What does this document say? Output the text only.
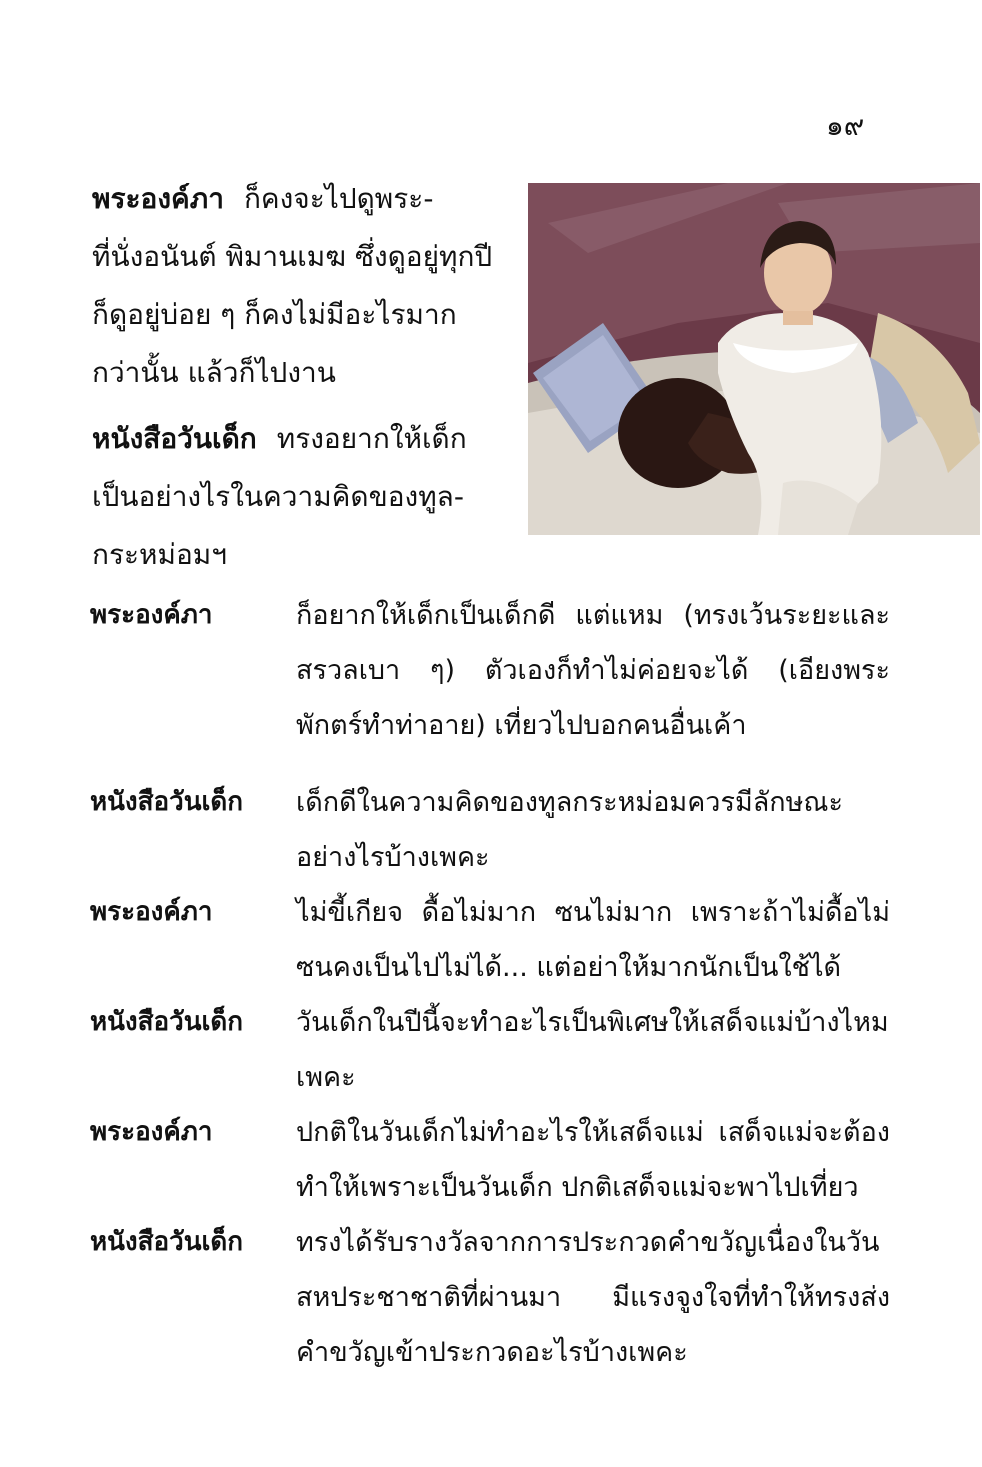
๑๙

พระองค์ภา ก็คงจะไปดูพระ-

ที่นั่งอนันต์ พิมานเมฆ ซึ่งดูอยู่ทุกปี

ก็ดูอยู่บ่อย ๆ ก็คงไม่มีอะไรมาก

กว่านั้น แล้วก็ไปงาน

หนังสือวันเด็ก ทรงอยากให้เด็ก

เป็นอย่างไรในความคิดของทูล-

กระหม่อมฯ

พระองค์ภา	ก็อยากให้เด็กเป็นเด็กดี แต่แหม (ทรงเว้นระยะและสรวลเบา ๆ) ตัวเองก็ทำไม่ค่อยจะได้ (เอียงพระพักตร์ทำท่าอาย) เที่ยวไปบอกคนอื่นเค้า
หนังสือวันเด็ก	เด็กดีในความคิดของทูลกระหม่อมควรมีลักษณะอย่างไรบ้างเพคะ
พระองค์ภา	ไม่ขี้เกียจ ดื้อไม่มาก ซนไม่มาก เพราะถ้าไม่ดื้อไม่ซนคงเป็นไปไม่ได้... แต่อย่าให้มากนักเป็นใช้ได้
หนังสือวันเด็ก	วันเด็กในปีนี้จะทำอะไรเป็นพิเศษให้เสด็จแม่บ้างไหมเพคะ
พระองค์ภา	ปกติในวันเด็กไม่ทำอะไรให้เสด็จแม่ เสด็จแม่จะต้องทำให้เพราะเป็นวันเด็ก ปกติเสด็จแม่จะพาไปเที่ยว
หนังสือวันเด็ก	ทรงได้รับรางวัลจากการประกวดคำขวัญเนื่องในวันสหประชาชาติที่ผ่านมา มีแรงจูงใจที่ทำให้ทรงส่งคำขวัญเข้าประกวดอะไรบ้างเพคะ
